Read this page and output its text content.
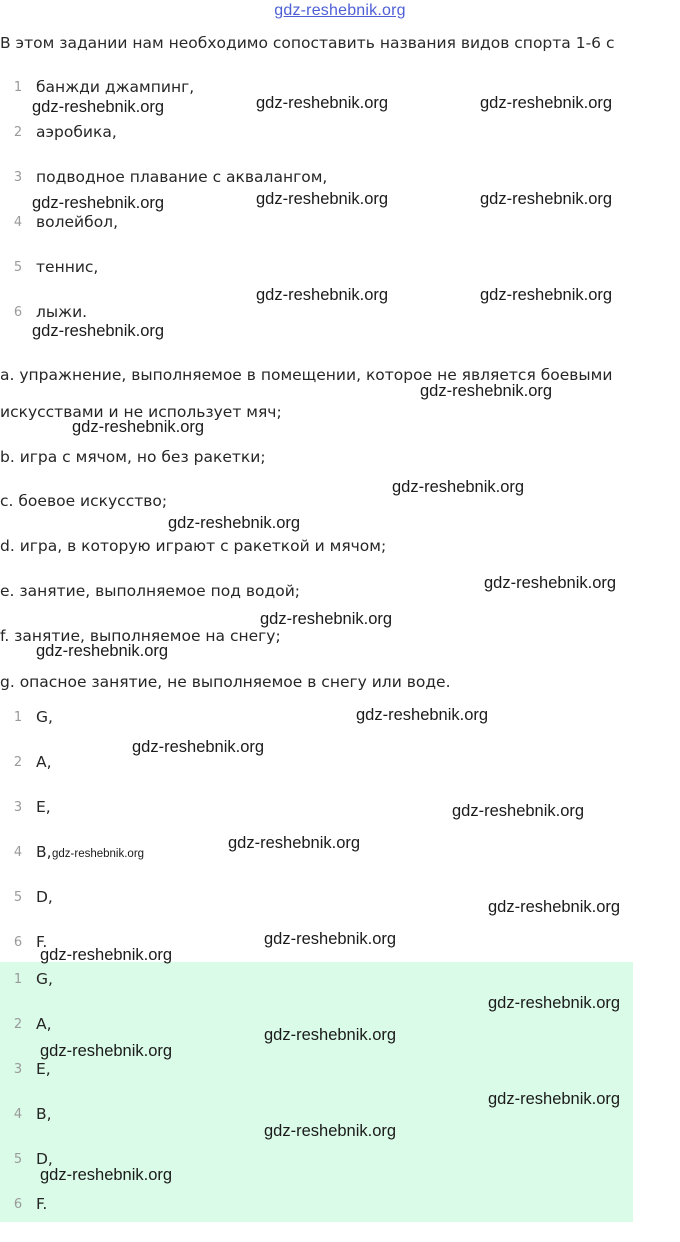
gdz-reshebnik.org
В этом задании нам необходимо сопоставить названия видов спорта 1-6 с
1 банжди джампинг,
2 аэробика,
3 подводное плавание с аквалангом,
4 волейбол,
5 теннис,
6 лыжи.
a. упражнение, выполняемое в помещении, которое не является боевыми
искусствами и не использует мяч;
b. игра с мячом, но без ракетки;
c. боевое искусство;
d. игра, в которую играют с ракеткой и мячом;
e. занятие, выполняемое под водой;
f. занятие, выполняемое на снегу;
g. опасное занятие, не выполняемое в снегу или воде.
1 G,
2 A,
3 E,
4 B,
5 D,
6 F.
1 G,
2 A,
3 E,
4 B,
5 D,
6 F.
gdz-reshebnik.org	gdz-reshebnik.org	gdz-reshebnik.org
gdz-reshebnik.org	gdz-reshebnik.org	gdz-reshebnik.org
gdz-reshebnik.org	gdz-reshebnik.org
gdz-reshebnik.org
gdz-reshebnik.org
gdz-reshebnik.org
gdz-reshebnik.org
gdz-reshebnik.org
gdz-reshebnik.org
gdz-reshebnik.org
gdz-reshebnik.org
gdz-reshebnik.org
gdz-reshebnik.org
gdz-reshebnik.org
gdz-reshebnik.org
gdz-reshebnik.org
gdz-reshebnik.org
gdz-reshebnik.org
gdz-reshebnik.org
gdz-reshebnik.org
gdz-reshebnik.org
gdz-reshebnik.org
gdz-reshebnik.org
gdz-reshebnik.org
gdz-reshebnik.org
